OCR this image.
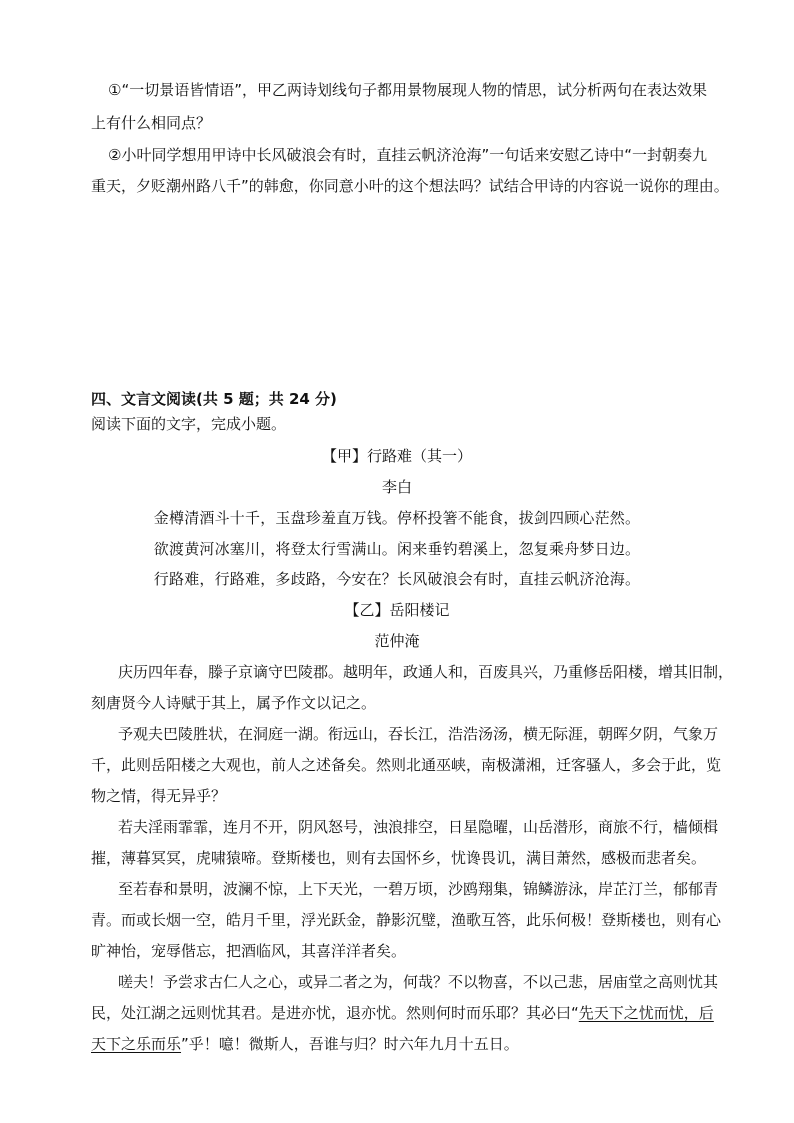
①“一切景语皆情语”，甲乙两诗划线句子都用景物展现人物的情思，试分析两句在表达效果
上有什么相同点？
②小叶同学想用甲诗中长风破浪会有时，直挂云帆济沧海”一句话来安慰乙诗中“一封朝奏九
重天，夕贬潮州路八千”的韩愈，你同意小叶的这个想法吗？试结合甲诗的内容说一说你的理由。
四、文言文阅读(共 5 题；共 24 分)
阅读下面的文字，完成小题。
【甲】行路难（其一）
李白
金樽清酒斗十千，玉盘珍羞直万钱。停杯投箸不能食，拔剑四顾心茫然。
欲渡黄河冰塞川，将登太行雪满山。闲来垂钓碧溪上，忽复乘舟梦日边。
行路难，行路难，多歧路，今安在？长风破浪会有时，直挂云帆济沧海。
【乙】岳阳楼记
范仲淹
庆历四年春，滕子京谪守巴陵郡。越明年，政通人和，百废具兴，乃重修岳阳楼，增其旧制，
刻唐贤今人诗赋于其上，属予作文以记之。
予观夫巴陵胜状，在洞庭一湖。衔远山，吞长江，浩浩汤汤，横无际涯，朝晖夕阴，气象万
千，此则岳阳楼之大观也，前人之述备矣。然则北通巫峡，南极潇湘，迁客骚人，多会于此，览
物之情，得无异乎？
若夫淫雨霏霏，连月不开，阴风怒号，浊浪排空，日星隐曜，山岳潜形，商旅不行，樯倾楫
摧，薄暮冥冥，虎啸猿啼。登斯楼也，则有去国怀乡，忧谗畏讥，满目萧然，感极而悲者矣。
至若春和景明，波澜不惊，上下天光，一碧万顷，沙鸥翔集，锦鳞游泳，岸芷汀兰，郁郁青
青。而或长烟一空，皓月千里，浮光跃金，静影沉璧，渔歌互答，此乐何极！登斯楼也，则有心
旷神怡，宠辱偕忘，把酒临风，其喜洋洋者矣。
嗟夫！予尝求古仁人之心，或异二者之为，何哉？不以物喜，不以己悲，居庙堂之高则忧其
民，处江湖之远则忧其君。是进亦忧，退亦忧。然则何时而乐耶？其必曰“先天下之忧而忧，后
天下之乐而乐”乎！噫！微斯人，吾谁与归？时六年九月十五日。
